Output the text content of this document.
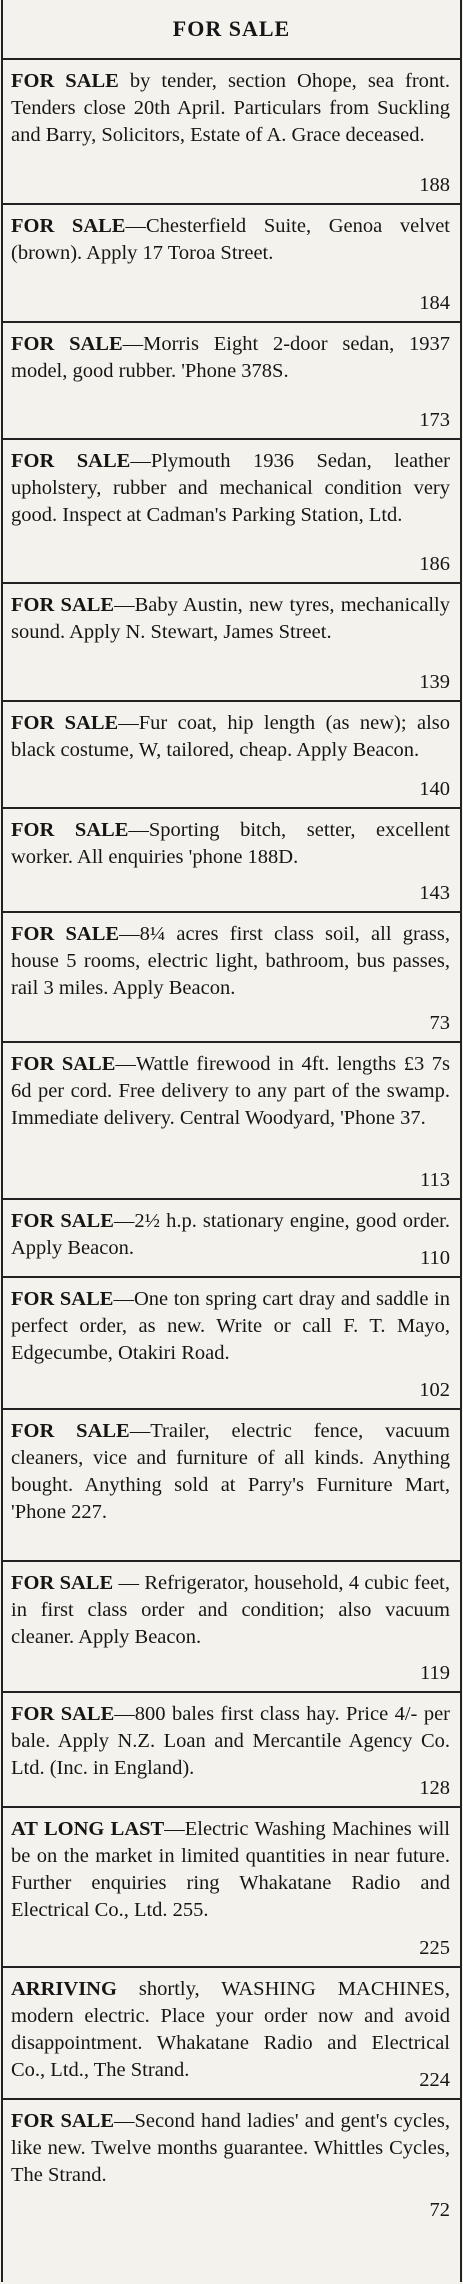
FOR SALE

FOR SALE by tender, section Ohope, sea front. Tenders close 20th April. Particulars from Suckling and Barry, Solicitors, Estate of A. Grace deceased.

188

FOR SALE—Chesterfield Suite, Genoa velvet (brown). Apply 17 Toroa Street.

184

FOR SALE—Morris Eight 2-door sedan, 1937 model, good rubber. 'Phone 378S.

173

FOR SALE—Plymouth 1936 Sedan, leather upholstery, rubber and mechanical condition very good. Inspect at Cadman's Parking Station, Ltd.

186

FOR SALE—Baby Austin, new tyres, mechanically sound. Apply N. Stewart, James Street.

139

FOR SALE—Fur coat, hip length (as new); also black costume, W, tailored, cheap. Apply Beacon.

140

FOR SALE—Sporting bitch, setter, excellent worker. All enquiries 'phone 188D.

143

FOR SALE—8¼ acres first class soil, all grass, house 5 rooms, electric light, bathroom, bus passes, rail 3 miles. Apply Beacon.

73

FOR SALE—Wattle firewood in 4ft. lengths £3 7s 6d per cord. Free delivery to any part of the swamp. Immediate delivery. Central Woodyard, 'Phone 37.

113

FOR SALE—2½ h.p. stationary engine, good order. Apply Beacon.	110

FOR SALE—One ton spring cart dray and saddle in perfect order, as new. Write or call F. T. Mayo, Edgecumbe, Otakiri Road.

102

FOR SALE—Trailer, electric fence, vacuum cleaners, vice and furniture of all kinds. Anything bought. Anything sold at Parry's Furniture Mart, 'Phone 227.

FOR SALE — Refrigerator, household, 4 cubic feet, in first class order and condition; also vacuum cleaner. Apply Beacon.

119

FOR SALE—800 bales first class hay. Price 4/- per bale. Apply N.Z. Loan and Mercantile Agency Co. Ltd. (Inc. in England).

128

AT LONG LAST—Electric Washing Machines will be on the market in limited quantities in near future. Further enquiries ring Whakatane Radio and Electrical Co., Ltd. 255.

225

ARRIVING shortly, WASHING MACHINES, modern electric. Place your order now and avoid disappointment. Whakatane Radio and Electrical Co., Ltd., The Strand.	224

FOR SALE—Second hand ladies' and gent's cycles, like new. Twelve months guarantee. Whittles Cycles, The Strand.

72
